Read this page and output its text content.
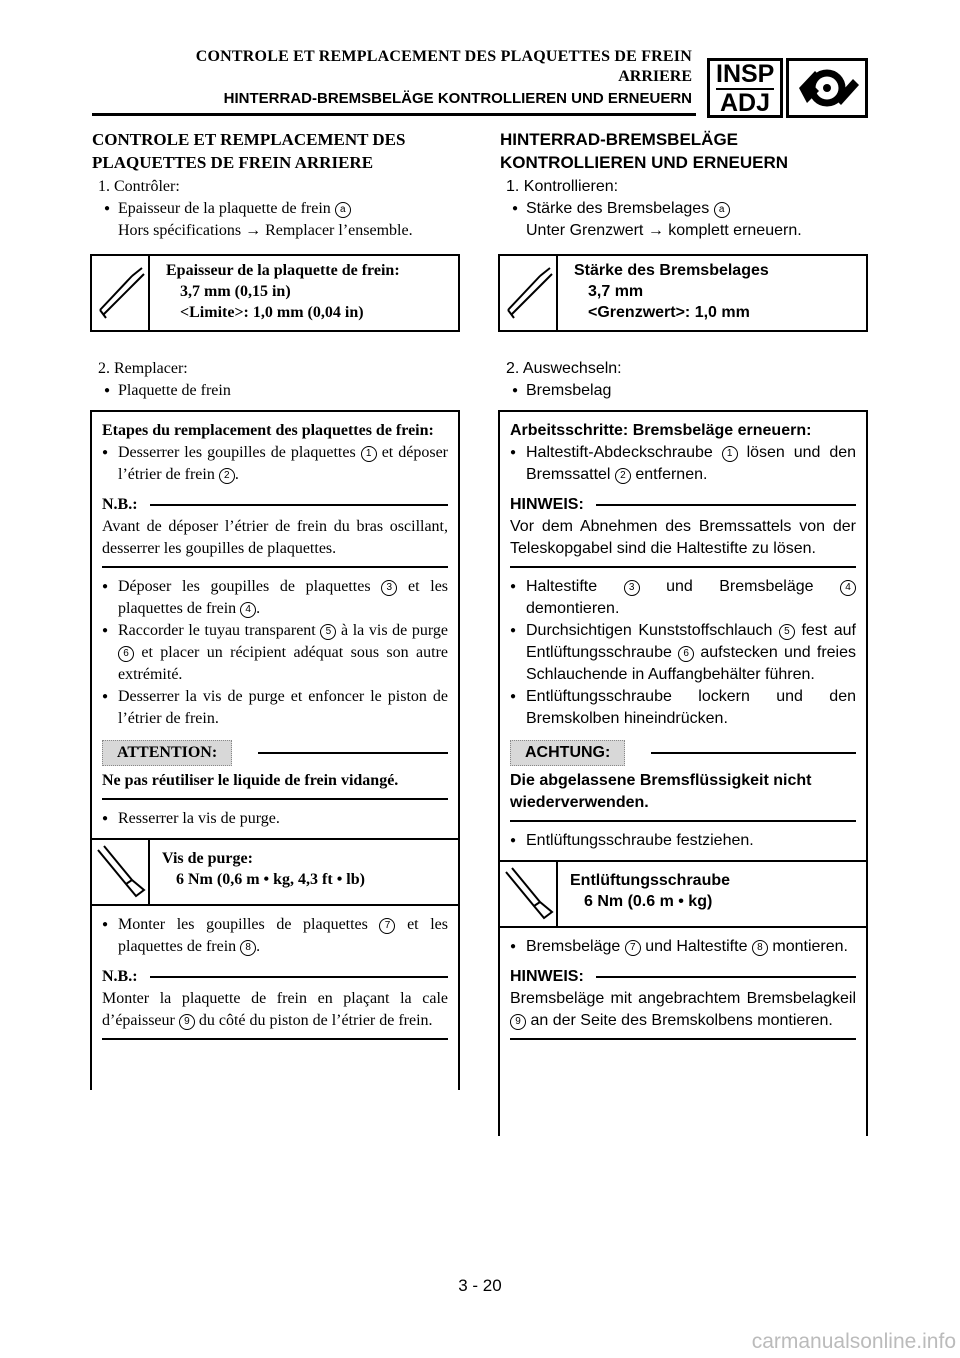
CONTROLE ET REMPLACEMENT DES PLAQUETTES DE FREIN
ARRIERE
HINTERRAD-BREMSBELÄGE KONTROLLIEREN UND ERNEUERN
INSP
ADJ
CONTROLE ET REMPLACEMENT DES
PLAQUETTES DE FREIN ARRIERE
1. Contrôler:
● Epaisseur de la plaquette de frein a
Hors spécifications → Remplacer l’ensemble.
Epaisseur de la plaquette de frein:
3,7 mm (0,15 in)
<Limite>: 1,0 mm (0,04 in)
2. Remplacer:
● Plaquette de frein

Etapes du remplacement des plaquettes de frein:

● Desserrer les goupilles de plaquettes 1 et déposer l’étrier de frein 2 .

N.B.:

Avant de déposer l’étrier de frein du bras oscillant, desserrer les goupilles de plaquettes.

● Déposer les goupilles de plaquettes 3 et les plaquettes de frein 4 .

● Raccorder le tuyau transparent 5 à la vis de purge 6 et placer un récipient adéquat sous son autre extrémité.

● Desserrer la vis de purge et enfoncer le piston de l’étrier de frein.

ATTENTION:

Ne pas réutiliser le liquide de frein vidangé.

● Resserrer la vis de purge.

Vis de purge:
6 Nm (0,6 m • kg, 4,3 ft • lb)

● Monter les goupilles de plaquettes 7 et les plaquettes de frein 8 .

N.B.:

Monter la plaquette de frein en plaçant la cale d’épaisseur 9 du côté du piston de l’étrier de frein.

HINTERRAD-BREMSBELÄGE
KONTROLLIEREN UND ERNEUERN
1. Kontrollieren:
● Stärke des Bremsbelages a
Unter Grenzwert → komplett erneuern.
Stärke des Bremsbelages
3,7 mm
<Grenzwert>: 1,0 mm
2. Auswechseln:
● Bremsbelag

Arbeitsschritte: Bremsbeläge erneuern:

● Haltestift-Abdeckschraube 1 lösen und den Bremssattel 2 entfernen.

HINWEIS:

Vor dem Abnehmen des Bremssattels von der Teleskopgabel sind die Haltestifte zu lösen.

● Haltestifte	3 und Bremsbeläge	4 demontieren.

● Durchsichtigen Kunststoffschlauch 5 fest auf Entlüftungsschraube 6 aufstecken und freies Schlauchende in Auffangbehälter führen.

● Entlüftungsschraube lockern und den Bremskolben hineindrücken.

ACHTUNG:

Die abgelassene Bremsflüssigkeit nicht wiederverwenden.

● Entlüftungsschraube festziehen.

Entlüftungsschraube
6 Nm (0.6 m • kg)

● Bremsbeläge 7 und Haltestifte 8 montieren.

HINWEIS:

Bremsbeläge mit angebrachtem Bremsbelagkeil 9 an der Seite des Bremskolbens montieren.

3 - 20
carmanualsonline.info
